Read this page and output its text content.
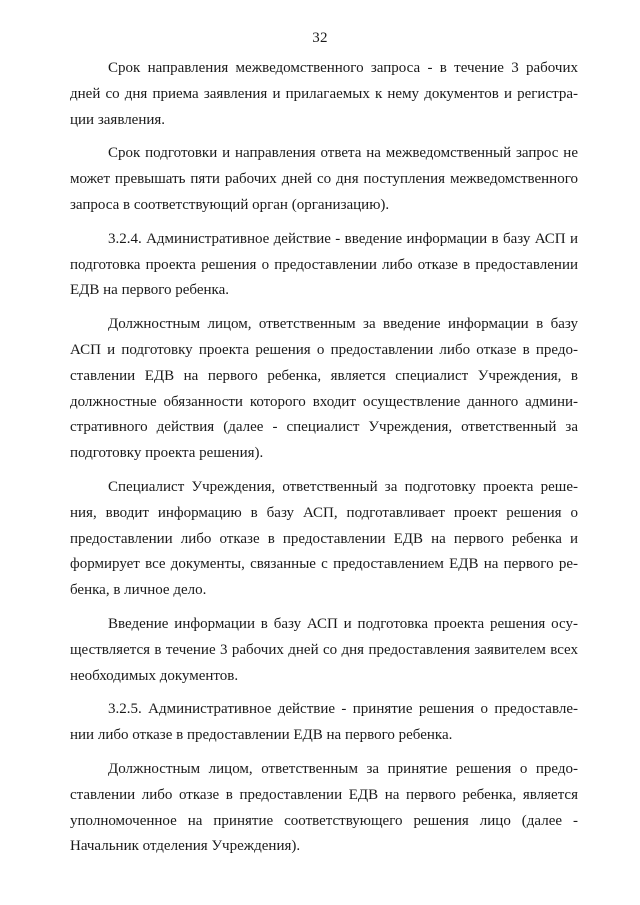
32

Срок направления межведомственного запроса - в течение 3 рабочих дней со дня приема заявления и прилагаемых к нему документов и регистрации заявления.

Срок подготовки и направления ответа на межведомственный запрос не может превышать пяти рабочих дней со дня поступления межведомственного запроса в соответствующий орган (организацию).

3.2.4. Административное действие - введение информации в базу АСП и подготовка проекта решения о предоставлении либо отказе в предоставлении ЕДВ на первого ребенка.

Должностным лицом, ответственным за введение информации в базу АСП и подготовку проекта решения о предоставлении либо отказе в предоставлении ЕДВ на первого ребенка, является специалист Учреждения, в должностные обязанности которого входит осуществление данного административного действия (далее - специалист Учреждения, ответственный за подготовку проекта решения).

Специалист Учреждения, ответственный за подготовку проекта решения, вводит информацию в базу АСП, подготавливает проект решения о предоставлении либо отказе в предоставлении ЕДВ на первого ребенка и формирует все документы, связанные с предоставлением ЕДВ на первого ребенка, в личное дело.

Введение информации в базу АСП и подготовка проекта решения осуществляется в течение 3 рабочих дней со дня предоставления заявителем всех необходимых документов.

3.2.5. Административное действие - принятие решения о предоставлении либо отказе в предоставлении ЕДВ на первого ребенка.

Должностным лицом, ответственным за принятие решения о предоставлении либо отказе в предоставлении ЕДВ на первого ребенка, является уполномоченное на принятие соответствующего решения лицо (далее - Начальник отделения Учреждения).
